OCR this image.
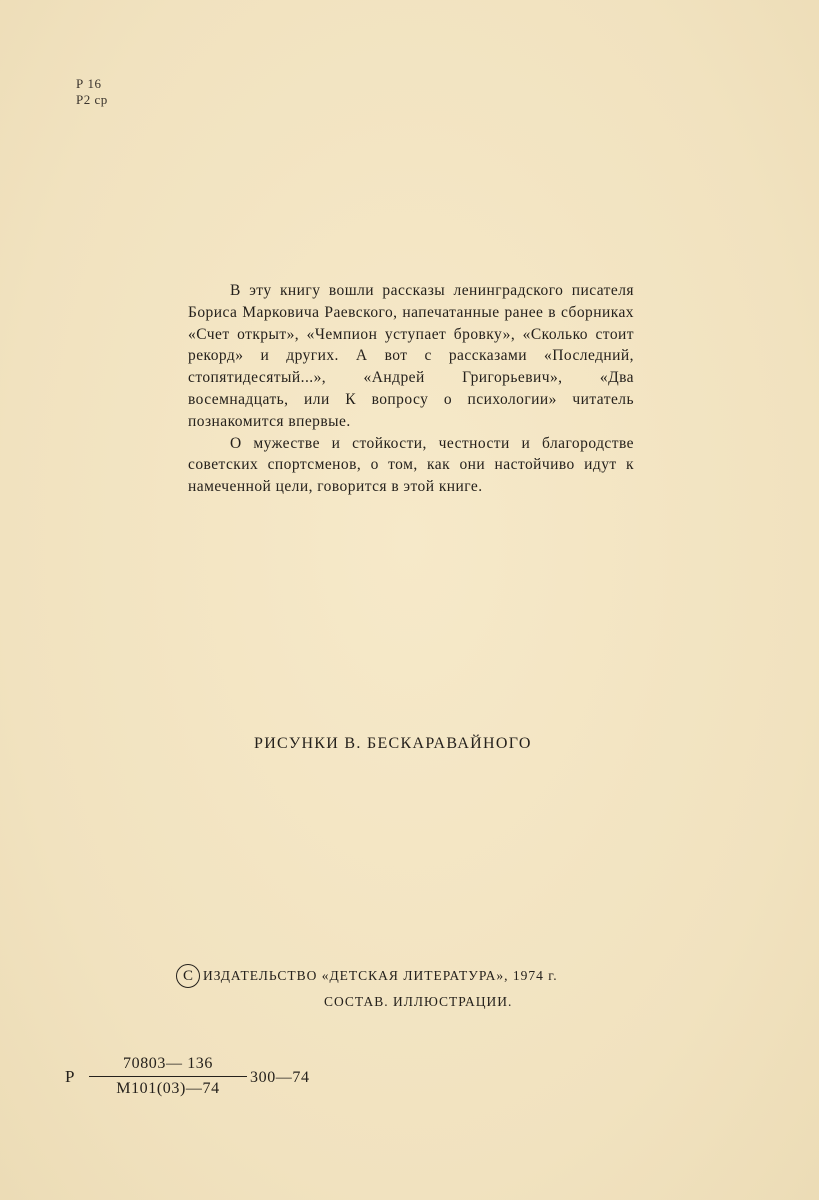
Р 16
Р2 ср

В эту книгу вошли рассказы ленинградского писателя Бориса Марковича Раевского, напечатанные ранее в сборниках «Счет открыт», «Чемпион уступает бровку», «Сколько стоит рекорд» и других. А вот с рассказами «Последний, стопятидесятый...», «Андрей Григорьевич», «Два восемнадцать, или К вопросу о психологии» читатель познакомится впервые.

О мужестве и стойкости, честности и благородстве советских спортсменов, о том, как они настойчиво идут к намеченной цели, говорится в этой книге.

РИСУНКИ В. БЕСКАРАВАЙНОГО
C ИЗДАТЕЛЬСТВО «ДЕТСКАЯ ЛИТЕРАТУРА», 1974 г.
СОСТАВ. ИЛЛЮСТРАЦИИ.
Р
70803— 136
М101(03)—74
300—74
